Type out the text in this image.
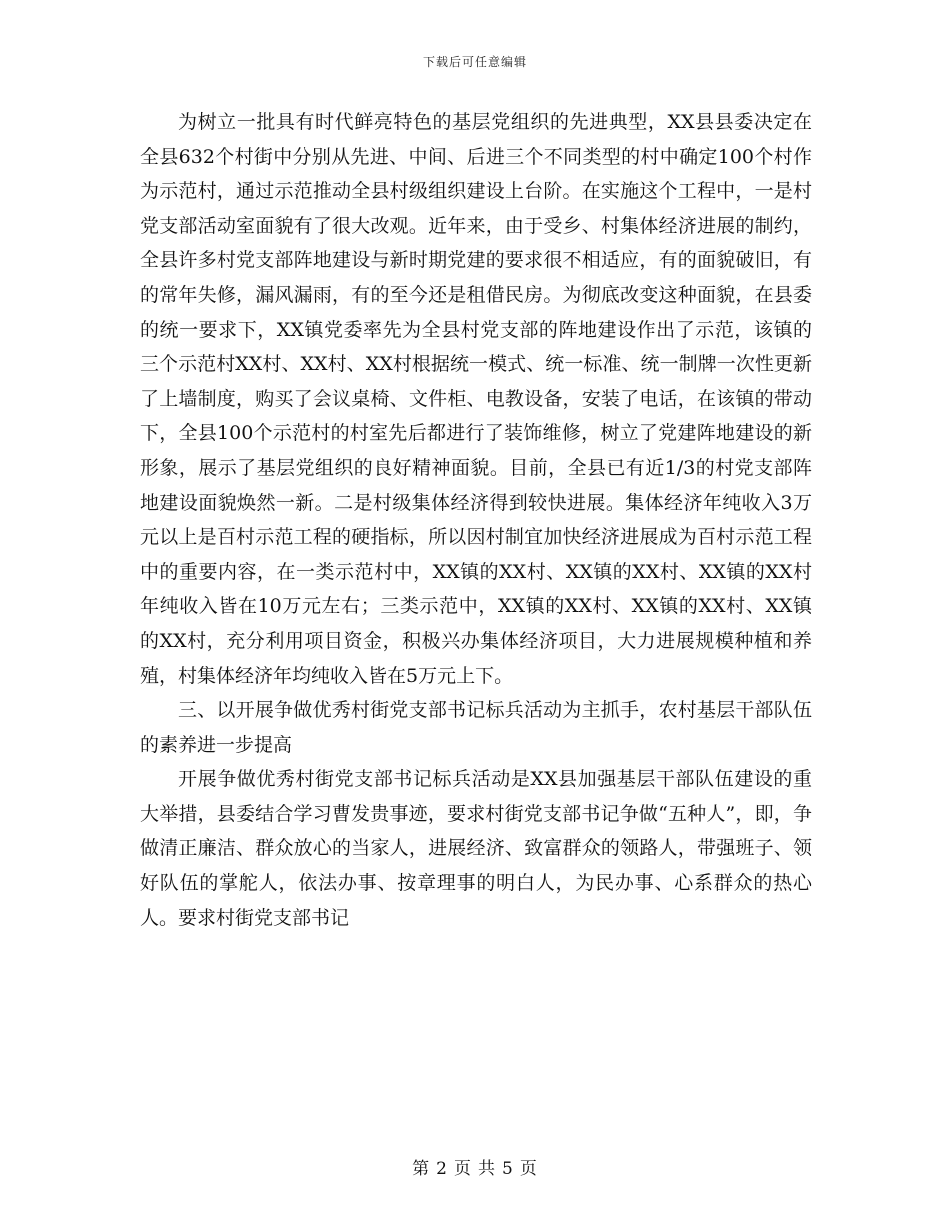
下载后可任意编辑

为树立一批具有时代鲜亮特色的基层党组织的先进典型，XX县县委决定在全县632个村街中分别从先进、中间、后进三个不同类型的村中确定100个村作为示范村，通过示范推动全县村级组织建设上台阶。在实施这个工程中，一是村党支部活动室面貌有了很大改观。近年来，由于受乡、村集体经济进展的制约，全县许多村党支部阵地建设与新时期党建的要求很不相适应，有的面貌破旧，有的常年失修，漏风漏雨，有的至今还是租借民房。为彻底改变这种面貌，在县委的统一要求下，XX镇党委率先为全县村党支部的阵地建设作出了示范，该镇的三个示范村XX村、XX村、XX村根据统一模式、统一标准、统一制牌一次性更新了上墙制度，购买了会议桌椅、文件柜、电教设备，安装了电话，在该镇的带动下，全县100个示范村的村室先后都进行了装饰维修，树立了党建阵地建设的新形象，展示了基层党组织的良好精神面貌。目前，全县已有近1/3的村党支部阵地建设面貌焕然一新。二是村级集体经济得到较快进展。集体经济年纯收入3万元以上是百村示范工程的硬指标，所以因村制宜加快经济进展成为百村示范工程中的重要内容，在一类示范村中，XX镇的XX村、XX镇的XX村、XX镇的XX村年纯收入皆在10万元左右；三类示范中，XX镇的XX村、XX镇的XX村、XX镇的XX村，充分利用项目资金，积极兴办集体经济项目，大力进展规模种植和养殖，村集体经济年均纯收入皆在5万元上下。

三、以开展争做优秀村街党支部书记标兵活动为主抓手，农村基层干部队伍的素养进一步提高

开展争做优秀村街党支部书记标兵活动是XX县加强基层干部队伍建设的重大举措，县委结合学习曹发贵事迹，要求村街党支部书记争做“五种人”，即，争做清正廉洁、群众放心的当家人，进展经济、致富群众的领路人，带强班子、领好队伍的掌舵人，依法办事、按章理事的明白人，为民办事、心系群众的热心人。要求村街党支部书记

第 2 页 共 5 页
